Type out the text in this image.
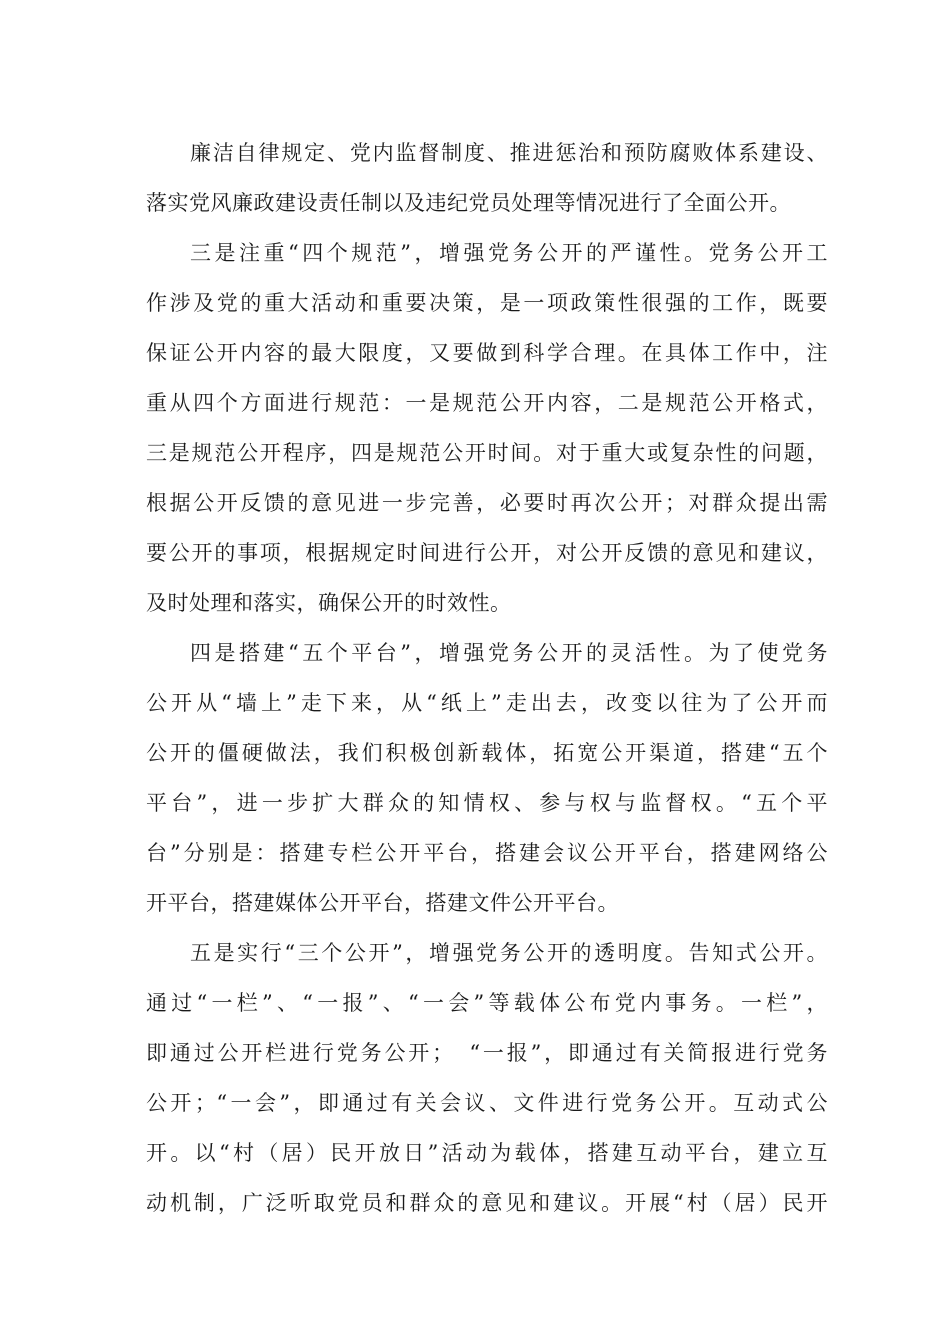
廉洁自律规定、党内监督制度、推进惩治和预防腐败体系建设、
落实党风廉政建设责任制以及违纪党员处理等情况进行了全面公开。
三是注重“四个规范”，增强党务公开的严谨性。党务公开工
作涉及党的重大活动和重要决策，是一项政策性很强的工作，既要
保证公开内容的最大限度，又要做到科学合理。在具体工作中，注
重从四个方面进行规范：一是规范公开内容，二是规范公开格式，
三是规范公开程序，四是规范公开时间。对于重大或复杂性的问题，
根据公开反馈的意见进一步完善，必要时再次公开；对群众提出需
要公开的事项，根据规定时间进行公开，对公开反馈的意见和建议，
及时处理和落实，确保公开的时效性。
四是搭建“五个平台”，增强党务公开的灵活性。为了使党务
公开从“墙上”走下来，从“纸上”走出去，改变以往为了公开而
公开的僵硬做法，我们积极创新载体，拓宽公开渠道，搭建“五个
平台”，进一步扩大群众的知情权、参与权与监督权。“五个平
台”分别是：搭建专栏公开平台，搭建会议公开平台，搭建网络公
开平台，搭建媒体公开平台，搭建文件公开平台。
五是实行“三个公开”，增强党务公开的透明度。告知式公开。
通过“一栏”、“一报”、“一会”等载体公布党内事务。一栏”，
即通过公开栏进行党务公开；　“一报”，即通过有关简报进行党务
公开；“一会”，即通过有关会议、文件进行党务公开。互动式公
开。以“村（居）民开放日”活动为载体，搭建互动平台，建立互
动机制，广泛听取党员和群众的意见和建议。开展“村（居）民开
